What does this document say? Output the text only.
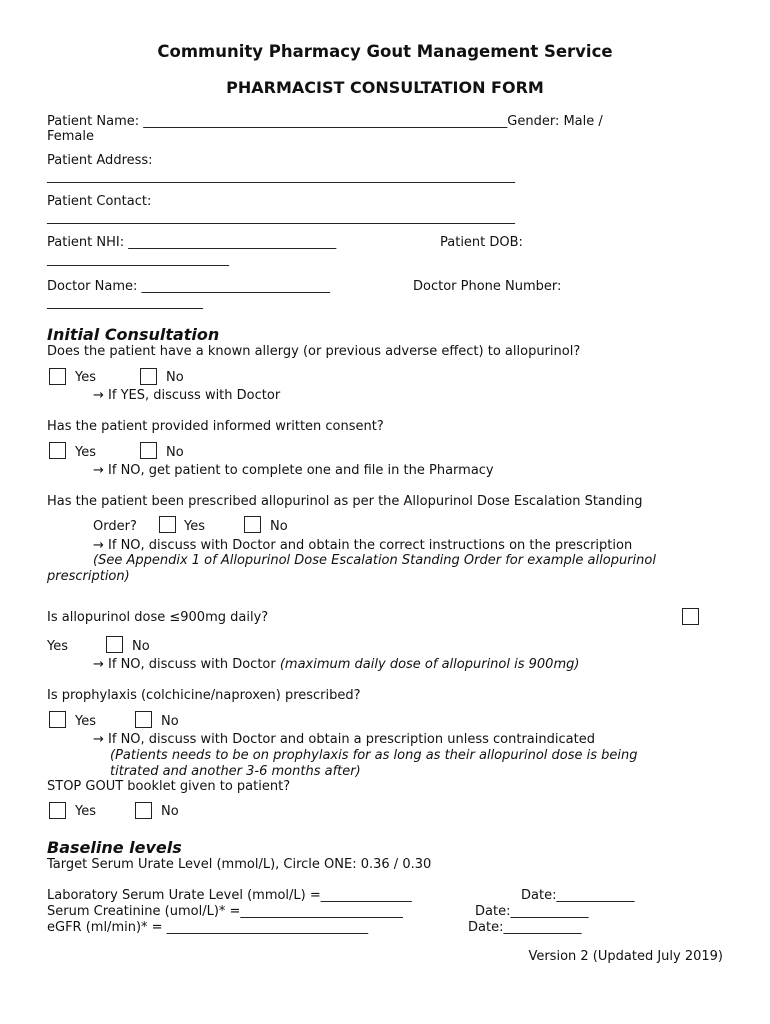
Community Pharmacy Gout Management Service
PHARMACIST CONSULTATION FORM
Patient Name: ________________________________________________________Gender: Male /
Female
Patient Address:
________________________________________________________________________
Patient Contact:
________________________________________________________________________
Patient NHI: ________________________________	Patient DOB:
____________________________
Doctor Name: _____________________________	Doctor Phone Number:
________________________
Initial Consultation
Does the patient have a known allergy (or previous adverse effect) to allopurinol?
Yes	No
→ If YES, discuss with Doctor
Has the patient provided informed written consent?
Yes	No
→ If NO, get patient to complete one and file in the Pharmacy
Has the patient been prescribed allopurinol as per the Allopurinol Dose Escalation Standing
Order?	Yes	No
→ If NO, discuss with Doctor and obtain the correct instructions on the prescription
(See Appendix 1 of Allopurinol Dose Escalation Standing Order for example allopurinol
prescription)
Is allopurinol dose ≤900mg daily?
Yes	No
→ If NO, discuss with Doctor (maximum daily dose of allopurinol is 900mg)
Is prophylaxis (colchicine/naproxen) prescribed?
Yes	No
→ If NO, discuss with Doctor and obtain a prescription unless contraindicated
(Patients needs to be on prophylaxis for as long as their allopurinol dose is being
titrated and another 3-6 months after)
STOP GOUT booklet given to patient?
Yes	No
Baseline levels
Target Serum Urate Level (mmol/L), Circle ONE: 0.36 / 0.30
Laboratory Serum Urate Level (mmol/L) =______________	Date:____________
Serum Creatinine (umol/L)* =_________________________	Date:____________
eGFR (ml/min)* = _______________________________	Date:____________
Version 2 (Updated July 2019)
